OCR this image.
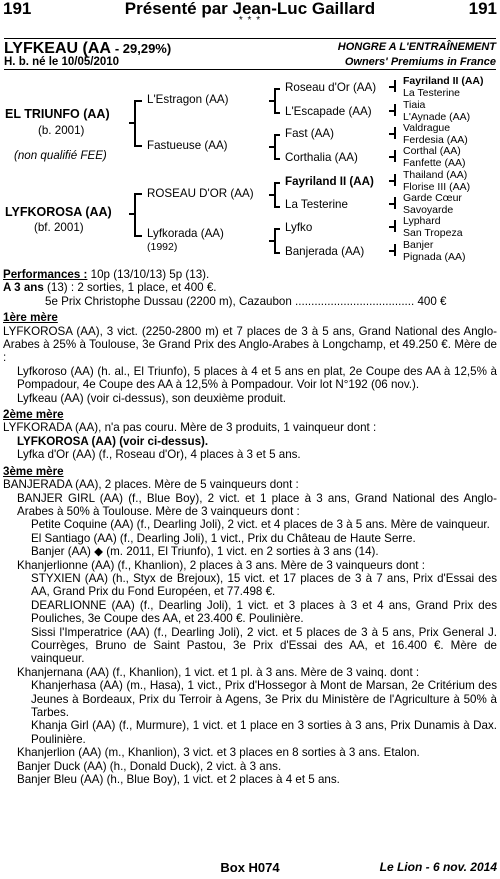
191	Présenté par Jean-Luc Gaillard	191
* * *
LYFKEAU (AA - 29,29%)	HONGRE A L'ENTRAÎNEMENT
H. b. né le 10/05/2010	Owners' Premiums in France
EL TRIUNFO (AA)
(b. 2001)
(non qualifié FEE)
LYFKOROSA (AA)
(bf. 2001)
L'Estragon (AA)
Fastueuse (AA)
ROSEAU D'OR (AA)
Lyfkorada (AA)
(1992)
Roseau d'Or (AA)
L'Escapade (AA)
Fast (AA)
Corthalia (AA)
Fayriland II (AA)
La Testerine
Lyfko
Banjerada (AA)
Fayriland II (AA)
La Testerine
Tiaia
L'Aynade (AA)
Valdrague
Ferdesia (AA)
Corthal (AA)
Fanfette (AA)
Thailand (AA)
Florise III (AA)
Garde Cœur
Savoyarde
Lyphard
San Tropeza
Banjer
Pignada (AA)

Performances : 10p (13/10/13) 5p (13).

A 3 ans (13) : 2 sorties, 1 place, et 400 €.

5e Prix Christophe Dussau (2200 m), Cazaubon ..................................... 400 €

1ère mère

LYFKOROSA (AA), 3 vict. (2250-2800 m) et 7 places de 3 à 5 ans, Grand National des Anglo-Arabes à 25% à Toulouse, 3e Grand Prix des Anglo-Arabes à Longchamp, et 49.250 €. Mère de :

Lyfkoroso (AA) (h. al., El Triunfo), 5 places à 4 et 5 ans en plat, 2e Coupe des AA à 12,5% à Pompadour, 4e Coupe des AA à 12,5% à Pompadour. Voir lot N°192 (06 nov.).

Lyfkeau (AA) (voir ci-dessus), son deuxième produit.

2ème mère

LYFKORADA (AA), n'a pas couru. Mère de 3 produits, 1 vainqueur dont :

LYFKOROSA (AA) (voir ci-dessus).

Lyfka d'Or (AA) (f., Roseau d'Or), 4 places à 3 et 5 ans.

3ème mère

BANJERADA (AA), 2 places. Mère de 5 vainqueurs dont :

BANJER GIRL (AA) (f., Blue Boy), 2 vict. et 1 place à 3 ans, Grand National des Anglo-Arabes à 50% à Toulouse. Mère de 3 vainqueurs dont :

Petite Coquine (AA) (f., Dearling Joli), 2 vict. et 4 places de 3 à 5 ans. Mère de vainqueur.

El Santiago (AA) (f., Dearling Joli), 1 vict., Prix du Château de Haute Serre.

Banjer (AA) ◆ (m. 2011, El Triunfo), 1 vict. en 2 sorties à 3 ans (14).

Khanjerlionne (AA) (f., Khanlion), 2 places à 3 ans. Mère de 3 vainqueurs dont :

STYXIEN (AA) (h., Styx de Brejoux), 15 vict. et 17 places de 3 à 7 ans, Prix d'Essai des AA, Grand Prix du Fond Européen, et 77.498 €.

DEARLIONNE (AA) (f., Dearling Joli), 1 vict. et 3 places à 3 et 4 ans, Grand Prix des Pouliches, 3e Coupe des AA, et 23.400 €. Poulinière.

Sissi l'Imperatrice (AA) (f., Dearling Joli), 2 vict. et 5 places de 3 à 5 ans, Prix General J. Courrèges, Bruno de Saint Pastou, 3e Prix d'Essai des AA, et 16.400 €. Mère de vainqueur.

Khanjernana (AA) (f., Khanlion), 1 vict. et 1 pl. à 3 ans. Mère de 3 vainq. dont :

Khanjerhasa (AA) (m., Hasa), 1 vict., Prix d'Hossegor à Mont de Marsan, 2e Critérium des Jeunes à Bordeaux, Prix du Terroir à Agens, 3e Prix du Ministère de l'Agriculture à 50% à Tarbes.

Khanja Girl (AA) (f., Murmure), 1 vict. et 1 place en 3 sorties à 3 ans, Prix Dunamis à Dax. Poulinière.

Khanjerlion (AA) (m., Khanlion), 3 vict. et 3 places en 8 sorties à 3 ans. Etalon.

Banjer Duck (AA) (h., Donald Duck), 2 vict. à 3 ans.

Banjer Bleu (AA) (h., Blue Boy), 1 vict. et 2 places à 4 et 5 ans.

Box H074	Le Lion - 6 nov. 2014
